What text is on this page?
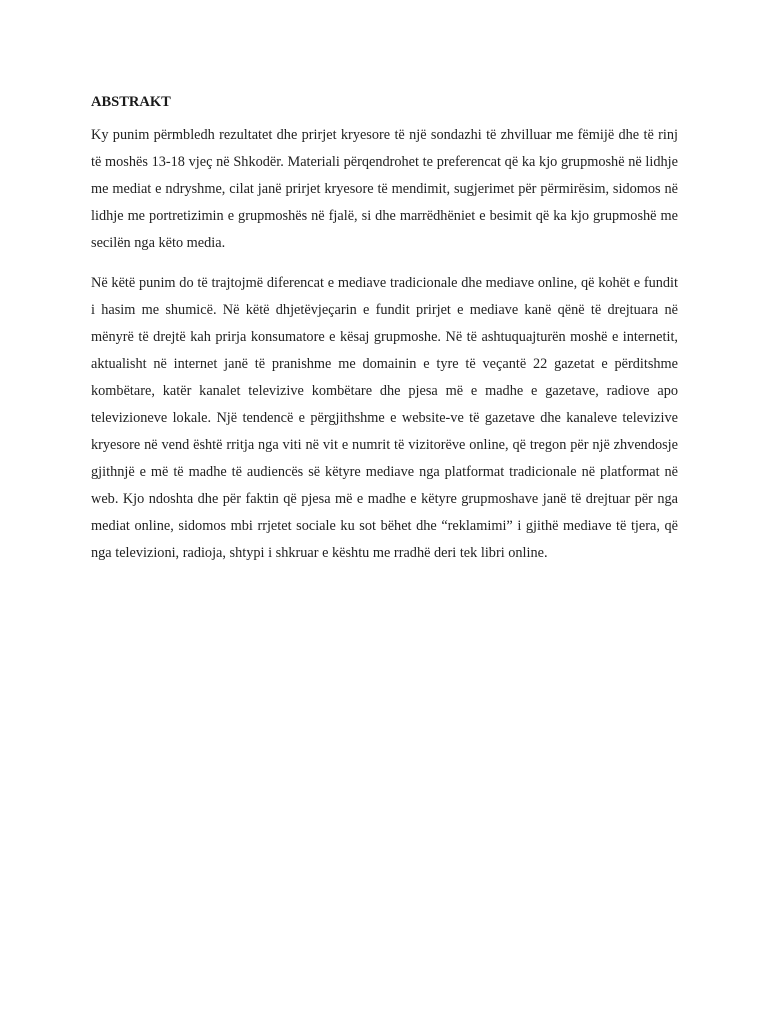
ABSTRAKT

Ky punim përmbledh rezultatet dhe prirjet kryesore të një sondazhi të zhvilluar me fëmijë dhe të rinj të moshës 13-18 vjeç në Shkodër. Materiali përqendrohet te preferencat që ka kjo grupmoshë në lidhje me mediat e ndryshme, cilat janë prirjet kryesore të mendimit, sugjerimet për përmirësim, sidomos në lidhje me portretizimin e grupmoshës në fjalë, si dhe marrëdhëniet e besimit që ka kjo grupmoshë me secilën nga këto media.

Në këtë punim do të trajtojmë diferencat e mediave tradicionale dhe mediave online, që kohët e fundit i hasim me shumicë. Në këtë dhjetëvjeçarin e fundit prirjet e mediave kanë qënë të drejtuara në mënyrë të drejtë kah prirja konsumatore e kësaj grupmoshe. Në të ashtuquajturën moshë e internetit, aktualisht në internet janë të pranishme me domainin e tyre të veçantë 22 gazetat e përditshme kombëtare, katër kanalet televizive kombëtare dhe pjesa më e madhe e gazetave, radiove apo televizioneve lokale. Një tendencë e përgjithshme e website-ve të gazetave dhe kanaleve televizive kryesore në vend është rritja nga viti në vit e numrit të vizitorëve online, që tregon për një zhvendosje gjithnjë e më të madhe të audiencës së këtyre mediave nga platformat tradicionale në platformat në web. Kjo ndoshta dhe për faktin që pjesa më e madhe e këtyre grupmoshave janë të drejtuar për nga mediat online, sidomos mbi rrjetet sociale ku sot bëhet dhe “reklamimi” i gjithë mediave të tjera, që nga televizioni, radioja, shtypi i shkruar e kështu me rradhë deri tek libri online.
